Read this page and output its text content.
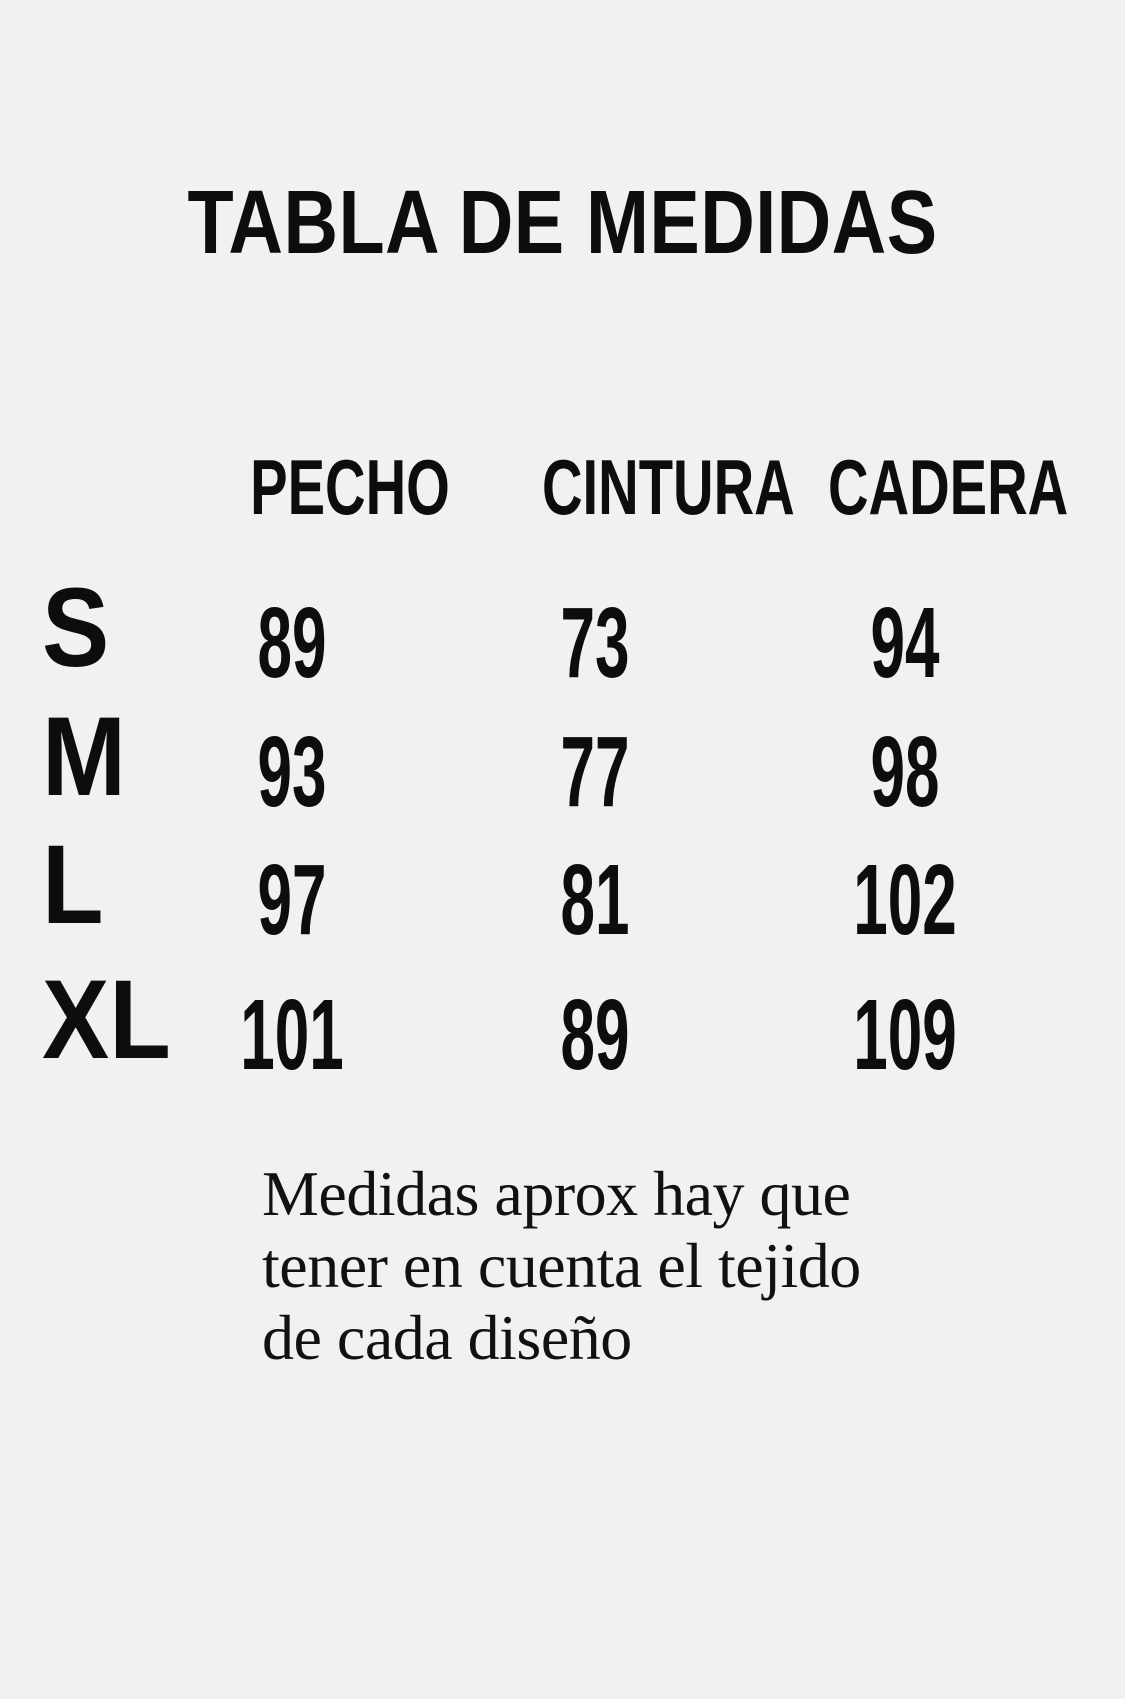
TABLA DE MEDIDAS
PECHO CINTURA CADERA
S	89	73	94
M	93	77	98
L	97	81	102
XL 101	89	109
Medidas aprox hay que
tener en cuenta el tejido
de cada diseño
